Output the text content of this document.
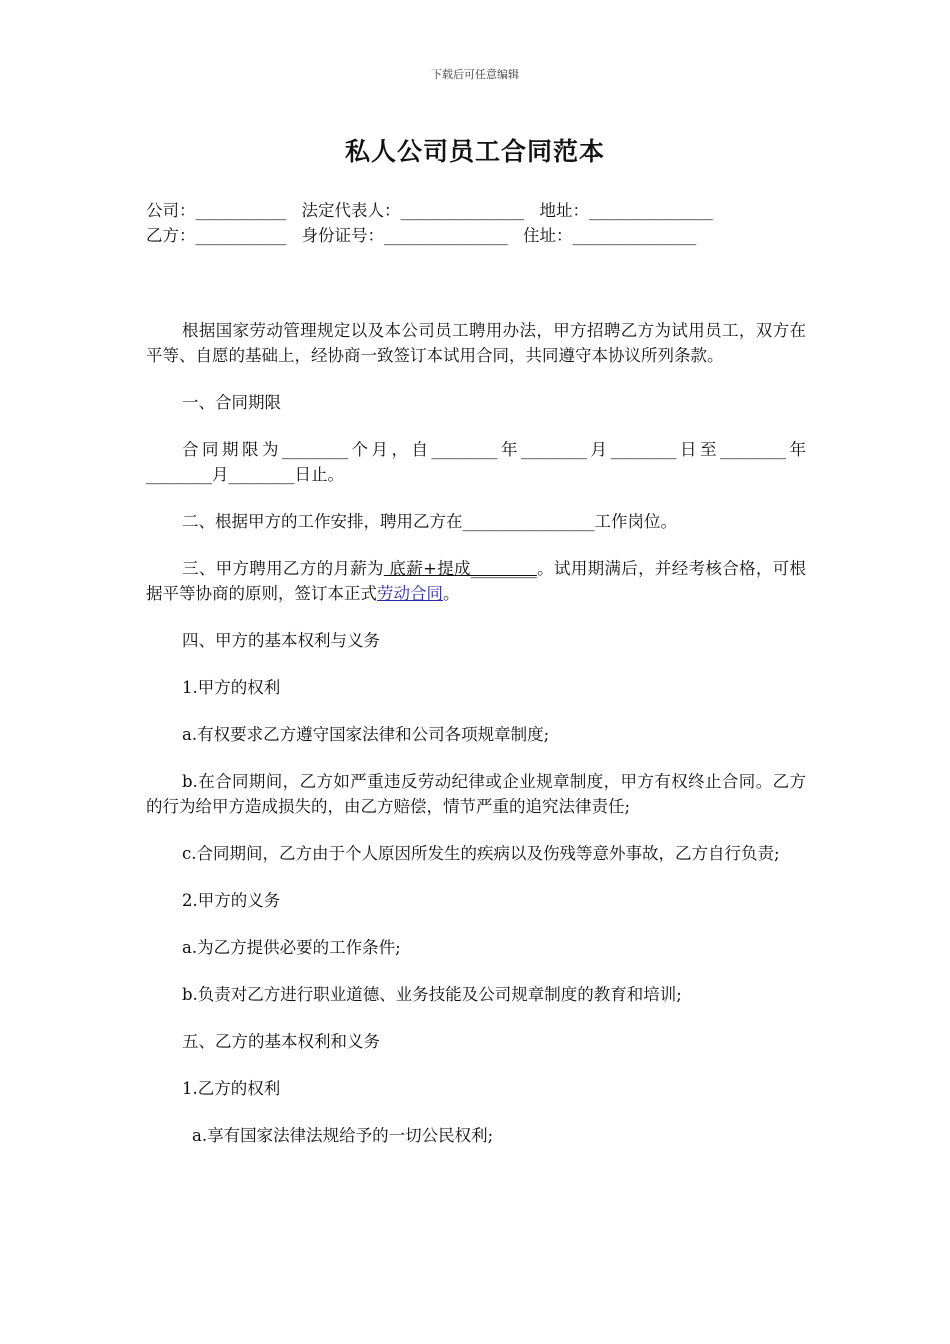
下载后可任意编辑
私人公司员工合同范本
公司：___________ 法定代表人：_______________ 地址：_______________
乙方：___________ 身份证号：_______________ 住址：_______________

根据国家劳动管理规定以及本公司员工聘用办法，甲方招聘乙方为试用员工，双方在平等、自愿的基础上，经协商一致签订本试用合同，共同遵守本协议所列条款。

一、合同期限

合同期限为________个月，自________年________月________日至________年________月________日止。

二、根据甲方的工作安排，聘用乙方在________________工作岗位。

三、甲方聘用乙方的月薪为 底薪+提成________。试用期满后，并经考核合格，可根据平等协商的原则，签订本正式劳动合同。

四、甲方的基本权利与义务

1.甲方的权利

a.有权要求乙方遵守国家法律和公司各项规章制度;

b.在合同期间，乙方如严重违反劳动纪律或企业规章制度，甲方有权终止合同。乙方的行为给甲方造成损失的，由乙方赔偿，情节严重的追究法律责任;

c.合同期间，乙方由于个人原因所发生的疾病以及伤残等意外事故，乙方自行负责;

2.甲方的义务

a.为乙方提供必要的工作条件;

b.负责对乙方进行职业道德、业务技能及公司规章制度的教育和培训;

五、乙方的基本权利和义务

1.乙方的权利

a.享有国家法律法规给予的一切公民权利;
